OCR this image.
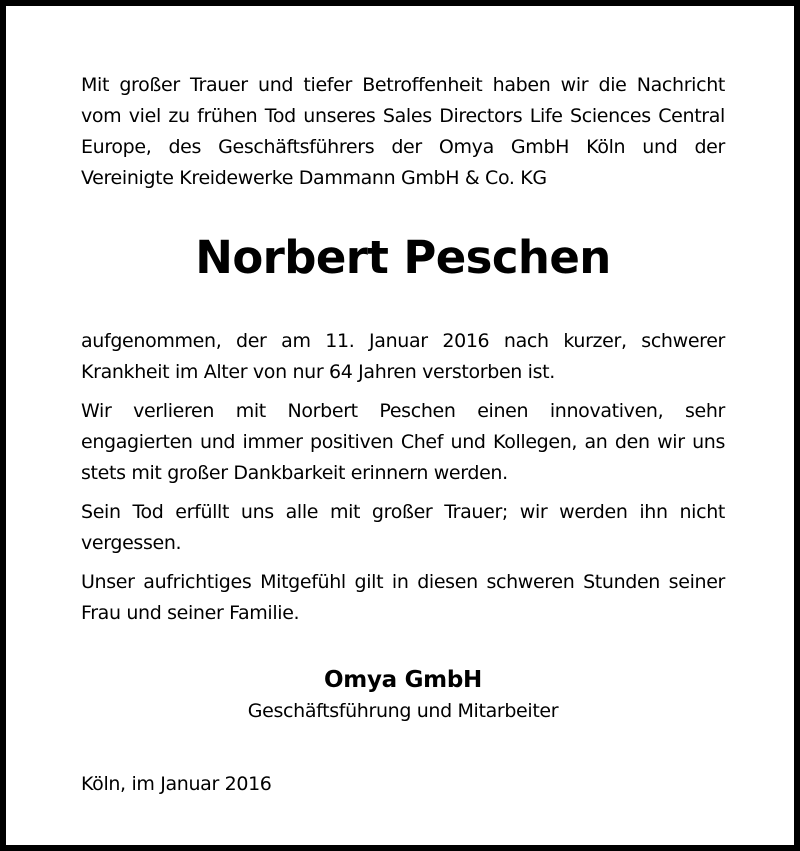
Mit großer Trauer und tiefer Betroffenheit haben wir die Nachricht vom viel zu frühen Tod unseres Sales Directors Life Sciences Central Europe, des Geschäftsführers der Omya GmbH Köln und der Vereinigte Kreidewerke Dammann GmbH & Co. KG

Norbert Peschen

aufgenommen, der am 11. Januar 2016 nach kurzer, schwerer Krankheit im Alter von nur 64 Jahren verstorben ist.

Wir verlieren mit Norbert Peschen einen innovativen, sehr engagierten und immer positiven Chef und Kollegen, an den wir uns stets mit großer Dankbarkeit erinnern werden.

Sein Tod erfüllt uns alle mit großer Trauer; wir werden ihn nicht vergessen.

Unser aufrichtiges Mitgefühl gilt in diesen schweren Stunden seiner Frau und seiner Familie.

Omya GmbH
Geschäftsführung und Mitarbeiter
Köln, im Januar 2016
